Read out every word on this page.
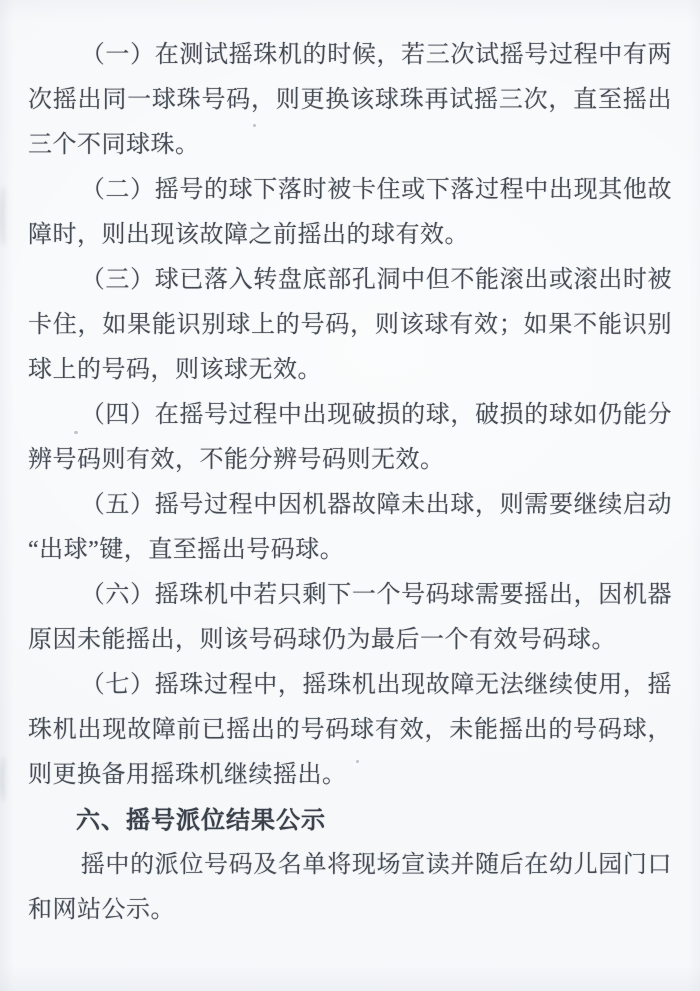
（一）在测试摇珠机的时候，若三次试摇号过程中有两次摇出同一球珠号码，则更换该球珠再试摇三次，直至摇出三个不同球珠。

（二）摇号的球下落时被卡住或下落过程中出现其他故障时，则出现该故障之前摇出的球有效。

（三）球已落入转盘底部孔洞中但不能滚出或滚出时被卡住，如果能识别球上的号码，则该球有效；如果不能识别球上的号码，则该球无效。

（四）在摇号过程中出现破损的球，破损的球如仍能分辨号码则有效，不能分辨号码则无效。

（五）摇号过程中因机器故障未出球，则需要继续启动“出球”键，直至摇出号码球。

（六）摇珠机中若只剩下一个号码球需要摇出，因机器原因未能摇出，则该号码球仍为最后一个有效号码球。

（七）摇珠过程中，摇珠机出现故障无法继续使用，摇珠机出现故障前已摇出的号码球有效，未能摇出的号码球，则更换备用摇珠机继续摇出。

六、摇号派位结果公示

摇中的派位号码及名单将现场宣读并随后在幼儿园门口和网站公示。
